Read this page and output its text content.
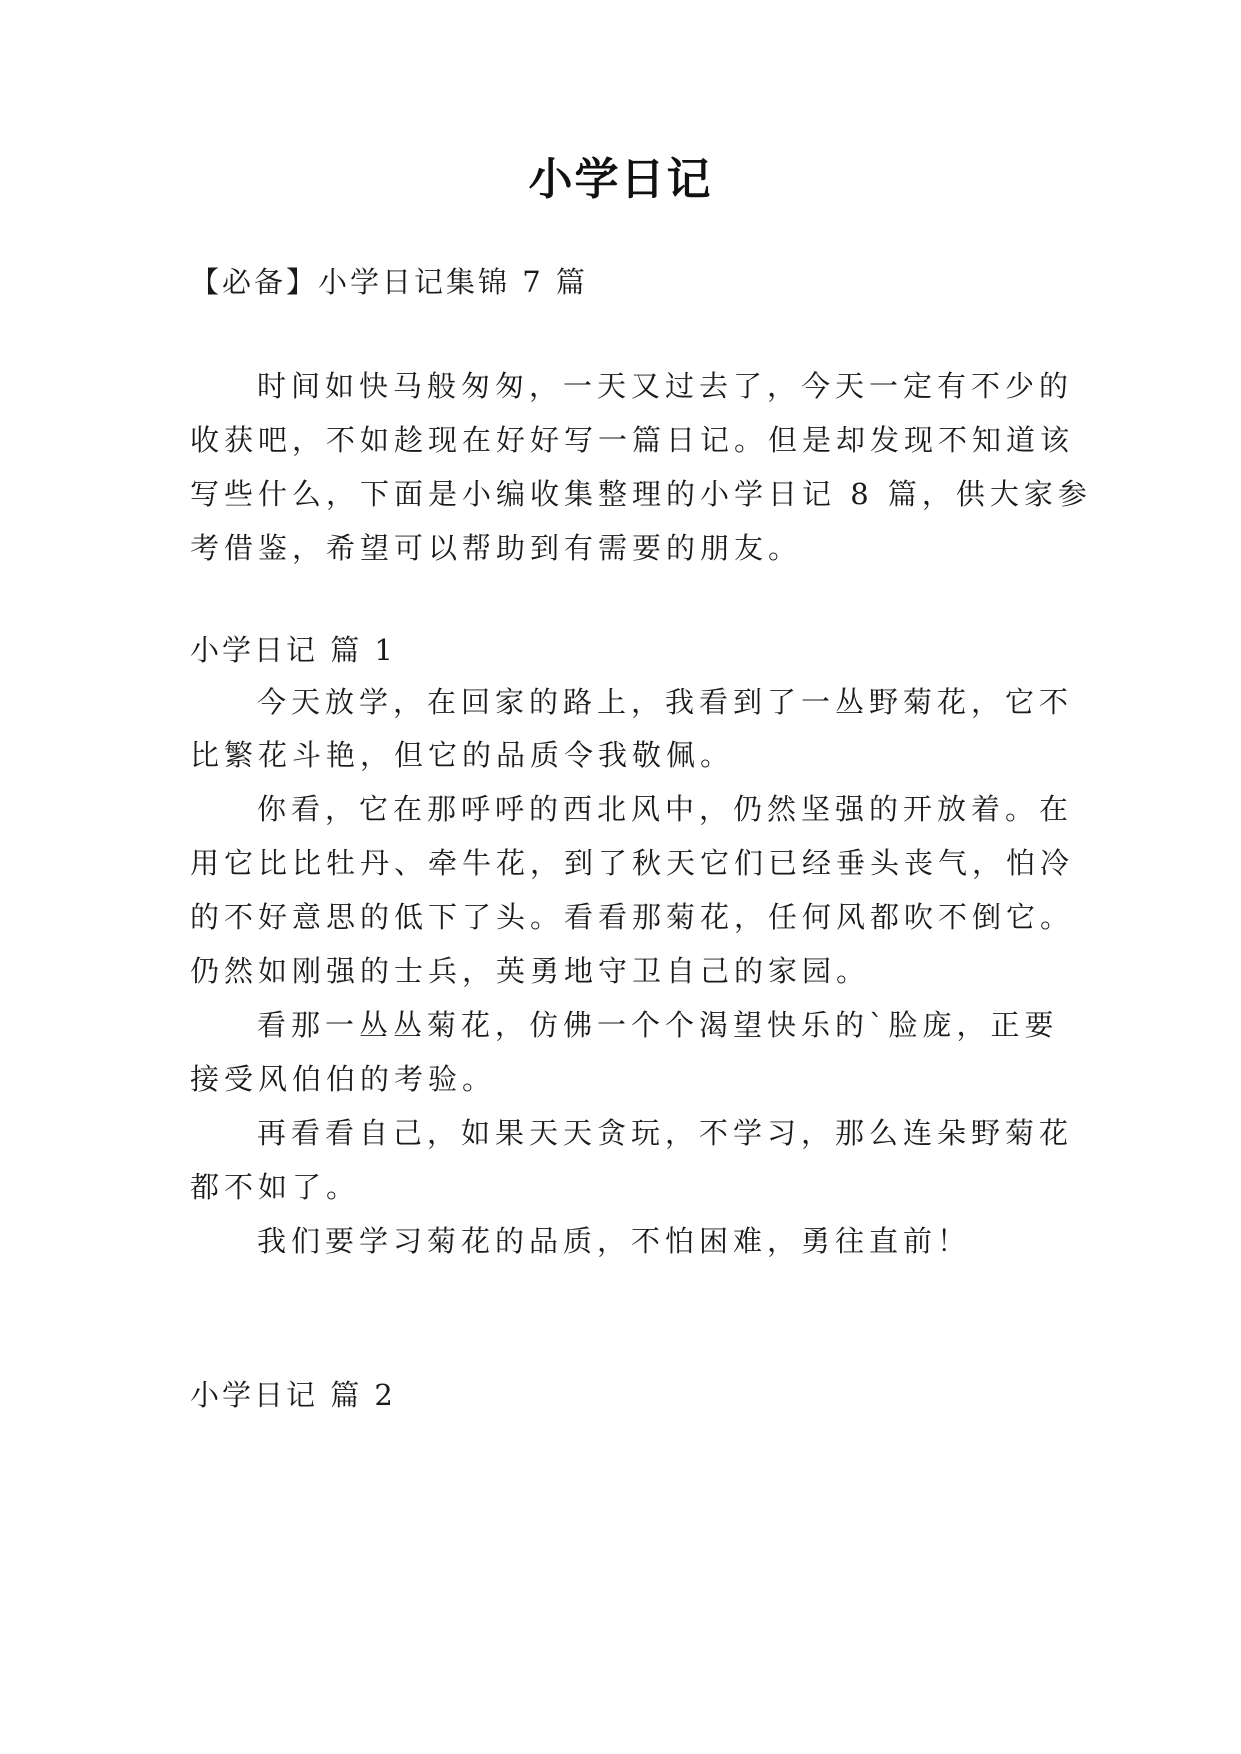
小学日记
【必备】小学日记集锦 7 篇
时间如快马般匆匆，一天又过去了，今天一定有不少的
收获吧，不如趁现在好好写一篇日记。但是却发现不知道该
写些什么，下面是小编收集整理的小学日记 8 篇，供大家参
考借鉴，希望可以帮助到有需要的朋友。
小学日记 篇 1
今天放学，在回家的路上，我看到了一丛野菊花，它不
比繁花斗艳，但它的品质令我敬佩。
你看，它在那呼呼的西北风中，仍然坚强的开放着。在
用它比比牡丹、牵牛花，到了秋天它们已经垂头丧气，怕冷
的不好意思的低下了头。看看那菊花，任何风都吹不倒它。
仍然如刚强的士兵，英勇地守卫自己的家园。
看那一丛丛菊花，仿佛一个个渴望快乐的`脸庞，正要
接受风伯伯的考验。
再看看自己，如果天天贪玩，不学习，那么连朵野菊花
都不如了。
我们要学习菊花的品质，不怕困难，勇往直前！
小学日记 篇 2
